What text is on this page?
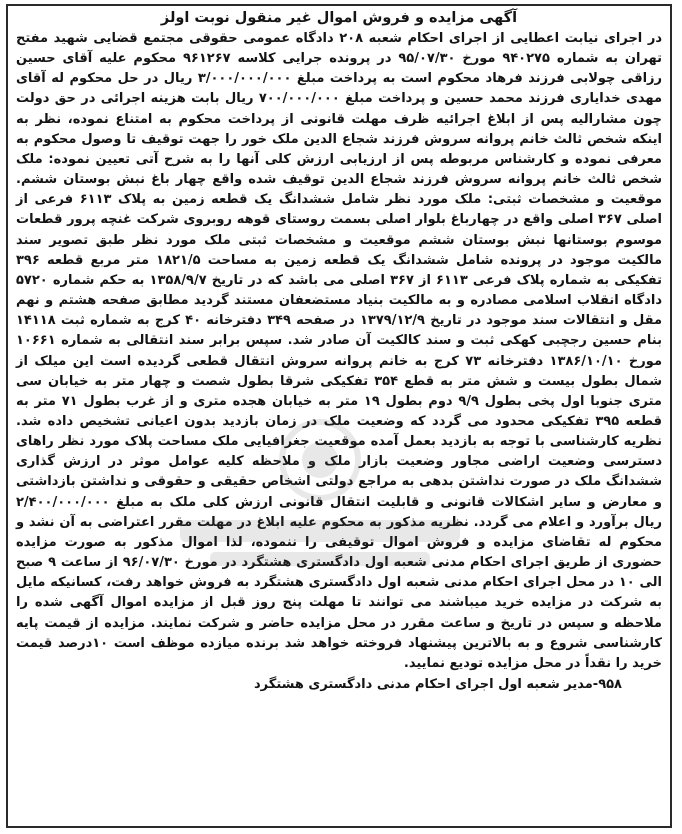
آگهی مزایده و فروش اموال غیر منقول نوبت اولز

در اجرای نیابت اعطایی از اجرای احکام شعبه ۲۰۸ دادگاه عمومی حقوقی مجتمع قضایی شهید مفتح تهران به شماره ۹۴۰۲۷۵ مورخ ۹۵/۰۷/۳۰ در پرونده جرایی کلاسه ۹۶۱۲۶۷ محکوم علیه آقای حسین رزاقی چولابی فرزند فرهاد محکوم است به پرداخت مبلغ ۳/۰۰۰/۰۰۰/۰۰۰ ریال در حل محکوم له آقای مهدی خدایاری فرزند محمد حسین و پرداخت مبلغ ۷۰۰/۰۰۰/۰۰۰ ریال بابت هزینه اجرائی در حق دولت چون مشارالیه پس از ابلاغ اجرائیه ظرف مهلت قانونی از پرداخت محکوم به امتناع نموده، نظر به اینکه شخص ثالث خانم پروانه سروش فرزند شجاع الدین ملک خور را جهت توقیف تا وصول محکوم به معرفی نموده و کارشناس مربوطه پس از ارزیابی ارزش کلی آنها را به شرح آتی تعیین نموده: ملک شخص ثالث خانم پروانه سروش فرزند شجاع الدین توقیف شده واقع چهار باغ نبش بوستان ششم. موقعیت و مشخصات ثبتی: ملک مورد نظر شامل ششدانگ یک قطعه زمین به پلاک ۶۱۱۳ فرعی از اصلی ۳۶۷ اصلی واقع در چهارباغ بلوار اصلی بسمت روستای قوهه روبروی شرکت غنچه پرور قطعات موسوم بوستانها نبش بوستان ششم موقعیت و مشخصات ثبتی ملک مورد نظر طبق تصویر سند مالکیت موجود در پرونده شامل ششدانگ یک قطعه زمین به مساحت ۱۸۲۱/۵ متر مربع قطعه ۳۹۶ تفکیکی به شماره پلاک فرعی ۶۱۱۳ از ۳۶۷ اصلی می باشد که در تاریخ ۱۳۵۸/۹/۷ به حکم شماره ۵۷۲۰ دادگاه انقلاب اسلامی مصادره و به مالکیت بنیاد مستضعفان مستند گردید مطابق صفحه هشتم و نهم مقل و انتقالات سند موجود در تاریخ ۱۳۷۹/۱۲/۹ در صفحه ۳۴۹ دفترخانه ۴۰ کرج به شماره ثبت ۱۴۱۱۸ بنام حسین رجچبی کهکی ثبت و سند کالکیت آن صادر شد. سپس برابر سند انتقالی به شماره ۱۰۶۶۱ مورخ ۱۳۸۶/۱۰/۱۰ دفترخانه ۷۳ کرج به خانم پروانه سروش انتقال قطعی گردیده است این میلک از شمال بطول بیست و شش متر به قطع ۳۵۴ تفکیکی شرقا بطول شصت و چهار متر به خیابان سی متری جنوبا اول پخی بطول ۹/۹ دوم بطول ۱۹ متر به خیابان هجده متری و از غرب بطول ۷۱ متر به قطعه ۳۹۵ تفکیکی محدود می گردد که وضعیت ملک در زمان بازدید بدون اعیانی تشخیص داده شد. نظریه کارشناسی با توجه به بازدید بعمل آمده موقعیت جغرافیایی ملک مساحت پلاک مورد نظر راهای دسترسی وضعیت اراضی مجاور وضعیت بازار ملک و ملاحظه کلیه عوامل موثر در ارزش گذاری ششدانگ ملک در صورت نداشتن بدهی به مراجع دولتی اشخاص حقیقی و حقوقی و نداشتن بازداشتی و معارض و سایر اشکالات قانونی و قابلیت انتقال قانونی ارزش کلی ملک به مبلغ ۲/۴۰۰/۰۰۰/۰۰۰ ریال برآورد و اعلام می گردد. نظریه مذکور به محکوم علیه ابلاغ در مهلت مقرر اعتراضی به آن نشد و محکوم له تقاضای مزایده و فروش اموال توقیفی را ننموده، لذا اموال مذکور به صورت مزایده حضوری از طریق اجرای احکام مدنی شعبه اول دادگستری هشتگرد در مورخ ۹۶/۰۷/۳۰ از ساعت ۹ صبح الی ۱۰ در محل اجرای احکام مدنی شعبه اول دادگستری هشتگرد به فروش خواهد رفت، کسانیکه مایل به شرکت در مزایده خرید میباشند می توانند تا مهلت پنج روز قبل از مزایده اموال آگهی شده را ملاحظه و سپس در تاریخ و ساعت مقرر در محل مزایده حاضر و شرکت نمایند. مزایده از قیمت پایه کارشناسی شروع و به بالاترین پیشنهاد فروخته خواهد شد برنده میازده موظف است ۱۰درصد قیمت خرید را نقداً در محل مزایده تودیع نمایید.

۹۵۸-مدیر شعبه اول اجرای احکام مدنی دادگستری هشتگرد
